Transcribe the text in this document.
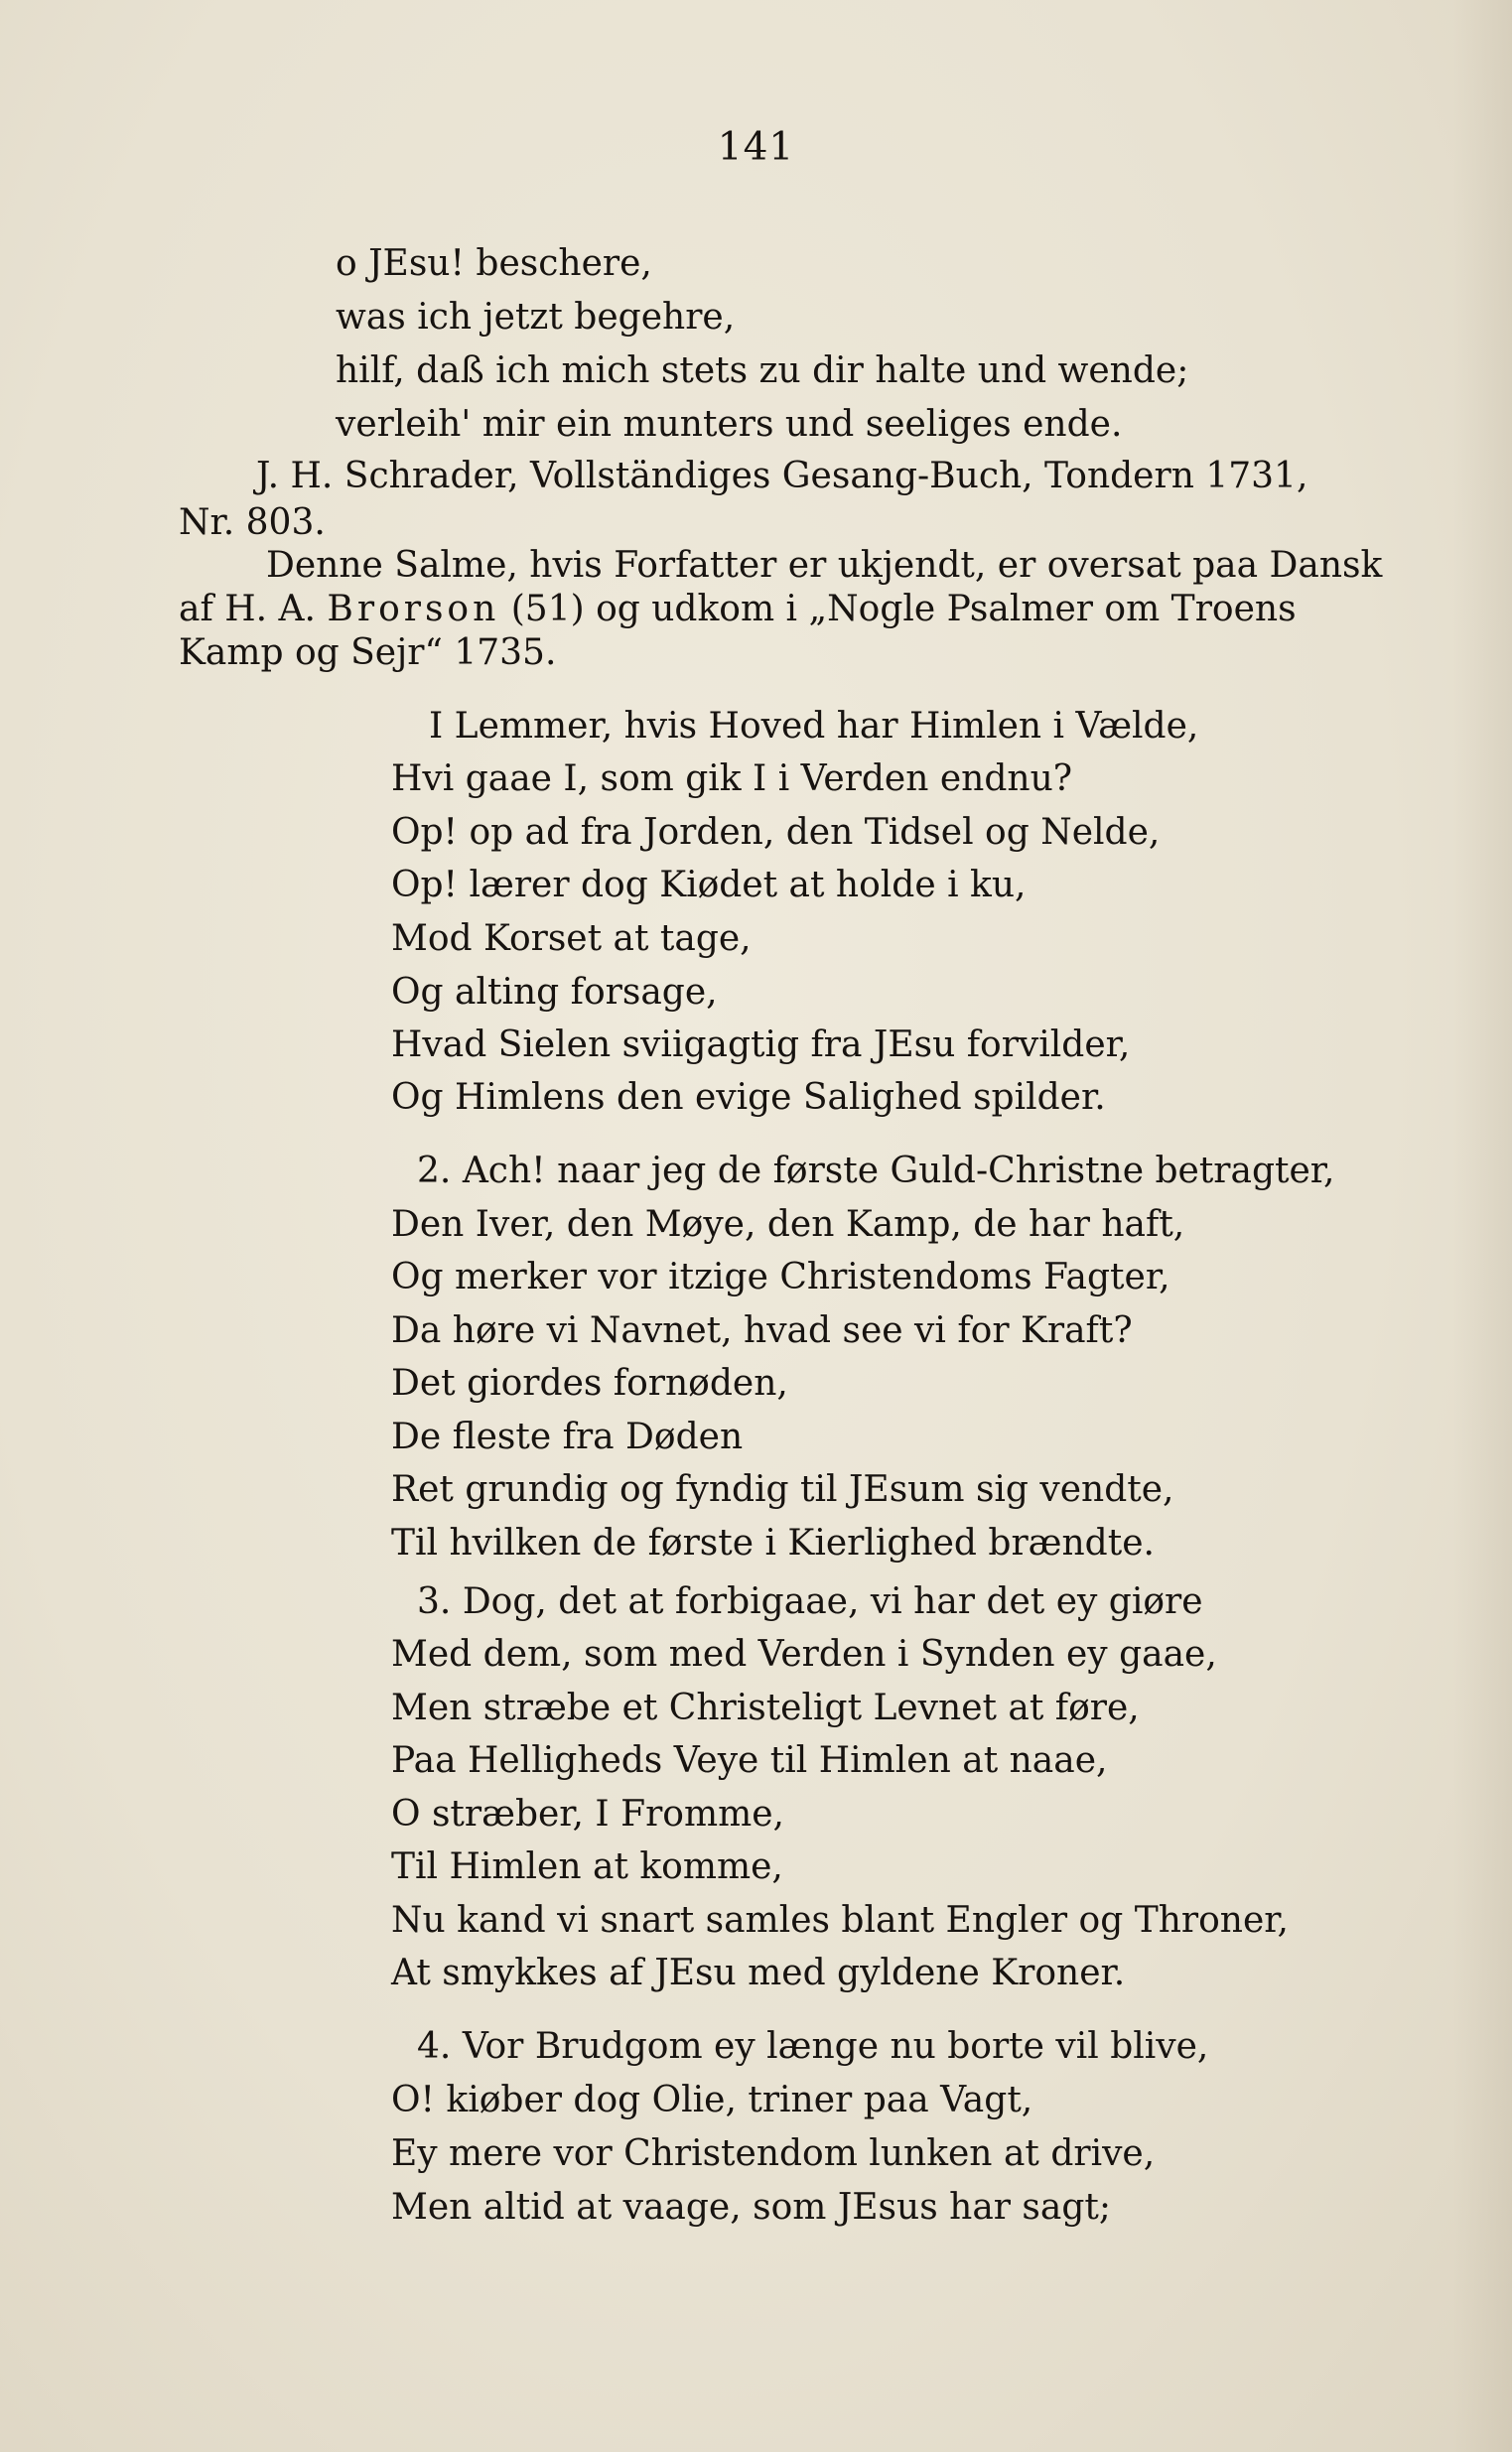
141
o JEsu! beschere,
was ich jetzt begehre,
hilf, daß ich mich stets zu dir halte und wende;
verleih' mir ein munters und seeliges ende.
J. H. Schrader, Vollständiges Gesang-Buch, Tondern 1731,
Nr. 803.
Denne Salme, hvis Forfatter er ukjendt, er oversat paa Dansk
af H. A. Brorson (51) og udkom i „Nogle Psalmer om Troens
Kamp og Sejr“ 1735.
I Lemmer, hvis Hoved har Himlen i Vælde,
Hvi gaae I, som gik I i Verden endnu?
Op! op ad fra Jorden, den Tidsel og Nelde,
Op! lærer dog Kiødet at holde i ku,
Mod Korset at tage,
Og alting forsage,
Hvad Sielen sviigagtig fra JEsu forvilder,
Og Himlens den evige Salighed spilder.
2. Ach! naar jeg de første Guld-Christne betragter,
Den Iver, den Møye, den Kamp, de har haft,
Og merker vor itzige Christendoms Fagter,
Da høre vi Navnet, hvad see vi for Kraft?
Det giordes fornøden,
De fleste fra Døden
Ret grundig og fyndig til JEsum sig vendte,
Til hvilken de første i Kierlighed brændte.
3. Dog, det at forbigaae, vi har det ey giøre
Med dem, som med Verden i Synden ey gaae,
Men stræbe et Christeligt Levnet at føre,
Paa Helligheds Veye til Himlen at naae,
O stræber, I Fromme,
Til Himlen at komme,
Nu kand vi snart samles blant Engler og Throner,
At smykkes af JEsu med gyldene Kroner.
4. Vor Brudgom ey længe nu borte vil blive,
O! kiøber dog Olie, triner paa Vagt,
Ey mere vor Christendom lunken at drive,
Men altid at vaage, som JEsus har sagt;
